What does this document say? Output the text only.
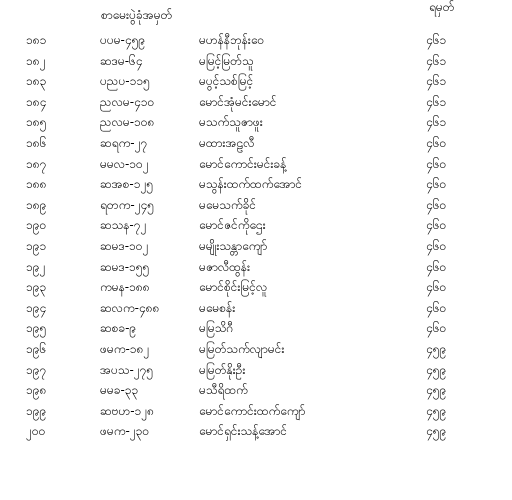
စာမေးပွဲခုံအမှတ်
ရမှတ်
၁၈၁	ပပမ-၄၅၉	မဟန်နီဘုန်းဝေ	၄၆၁
၁၈၂	ဆဒမ-၆၄	မမြင့်မြတ်သူ	၄၆၁
၁၈၃	ပညပ-၁၁၅	မပွင့်သစ်မြင့်	၄၆၁
၁၈၄	ညလမ-၄၁၀	မောင်အုံမင်းမောင်	၄၆၁
၁၈၅	ညလမ-၁၀၈	မသက်သူဇာဖူး	၄၆၁
၁၈၆	ဆရက-၂၇	မထားအဠလီ	၄၆၀
၁၈၇	မမလ-၁၀၂	မောင်ကောင်းမင်းခန့်	၄၆၀
၁၈၈	ဆအစ-၁၂၅	မသွန်းထက်ထက်အောင်	၄၆၀
၁၈၉	ရတက-၂၄၅	မမေသက်ခိုင်	၄၆၀
၁၉၀	ဆသန-၇၂	မောင်ဇင်ကိုဌေး	၄၆၀
၁၉၁	ဆမဒ-၁၀၂	မမျိုးသန္တာကျော်	၄၆၀
၁၉၂	ဆမဒ-၁၅၅	မဇာလီထွန်း	၄၆၀
၁၉၃	ကမန-၁၈၈	မောင်စိုင်းမြင့်လူ	၄၆၀
၁၉၄	ဆလက-၄၈၈	မမေစန်း	၄၆၀
၁၉၅	ဆစခ-၉	မမြသိဂီ	၄၆၀
၁၉၆	ဖမက-၁၈၂	မမြတ်သက်လျာမင်း	၄၅၉
၁၉၇	အပသ-၂၇၅	မမြတ်နိုးဦး	၄၅၉
၁၉၈	မမခ-၃၃	မသီရိထက်	၄၅၉
၁၉၉	ဆဗဟ-၁၂၈	မောင်ကောင်းထက်ကျော်	၄၅၉
၂၀၀	ဖမက-၂၃၀	မောင်ရှင်းသန့်အောင်	၄၅၉
